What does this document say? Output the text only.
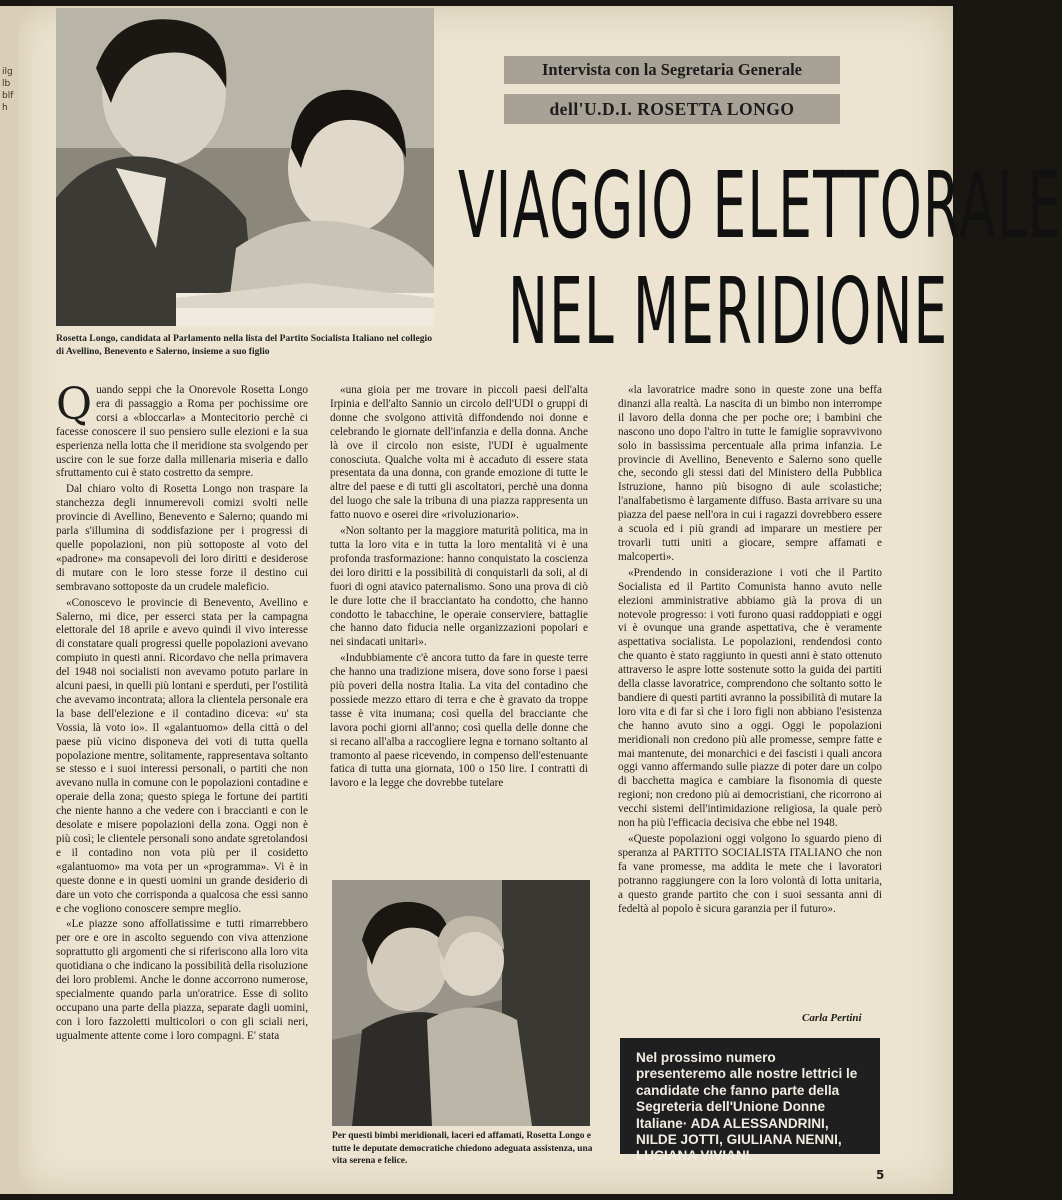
ilglbblfh
Rosetta Longo, candidata al Parlamento nella lista del Partito Socialista Italiano nel collegio di Avellino, Benevento e Salerno, insieme a suo figlio
Intervista con la Segretaria Generale
dell'U.D.I. ROSETTA LONGO
VIAGGIO ELETTORALE
NEL MERIDIONE

Quando seppi che la Onorevole Rosetta Longo era di passaggio a Roma per pochissime ore corsi a «bloccarla» a Montecitorio perchè ci facesse conoscere il suo pensiero sulle elezioni e la sua esperienza nella lotta che il meridione sta svolgendo per uscire con le sue forze dalla millenaria miseria e dallo sfruttamento cui è stato costretto da sempre.

Dal chiaro volto di Rosetta Longo non traspare la stanchezza degli innumerevoli comizi svolti nelle provincie di Avellino, Benevento e Salerno; quando mi parla s'illumina di soddisfazione per i progressi di quelle popolazioni, non più sottoposte al voto del «padrone» ma consapevoli dei loro diritti e desiderose di mutare con le loro stesse forze il destino cui sembravano sottoposte da un crudele maleficio.

«Conoscevo le provincie di Benevento, Avellino e Salerno, mi dice, per esserci stata per la campagna elettorale del 18 aprile e avevo quindi il vivo interesse di constatare quali progressi quelle popolazioni avevano compiuto in questi anni. Ricordavo che nella primavera del 1948 noi socialisti non avevamo potuto parlare in alcuni paesi, in quelli più lontani e sperduti, per l'ostilità che avevamo incontrata; allora la clientela personale era la base dell'elezione e il contadino diceva: «u' sta Vossia, là voto io». Il «galantuomo» della città o del paese più vicino disponeva dei voti di tutta quella popolazione mentre, solitamente, rappresentava soltanto se stesso e i suoi interessi personali, o partiti che non avevano nulla in comune con le popolazioni contadine e operaie della zona; questo spiega le fortune dei partiti che niente hanno a che vedere con i braccianti e con le desolate e misere popolazioni della zona. Oggi non è più così; le clientele personali sono andate sgretolandosi e il contadino non vota più per il cosidetto «galantuomo» ma vota per un «programma». Vi è in queste donne e in questi uomini un grande desiderio di dare un voto che corrisponda a qualcosa che essi sanno e che vogliono conoscere sempre meglio.

«Le piazze sono affollatissime e tutti rimarrebbero per ore e ore in ascolto seguendo con viva attenzione soprattutto gli argomenti che si riferiscono alla loro vita quotidiana o che indicano la possibilità della risoluzione dei loro problemi. Anche le donne accorrono numerose, specialmente quando parla un'oratrice. Esse di solito occupano una parte della piazza, separate dagli uomini, con i loro fazzoletti multicolori o con gli sciali neri, ugualmente attente come i loro compagni. E' stata

«una gioia per me trovare in piccoli paesi dell'alta Irpinia e dell'alto Sannio un circolo dell'UDI o gruppi di donne che svolgono attività diffondendo noi donne e celebrando le giornate dell'infanzia e della donna. Anche là ove il circolo non esiste, l'UDI è ugualmente conosciuta. Qualche volta mi è accaduto di essere stata presentata da una donna, con grande emozione di tutte le altre del paese e di tutti gli ascoltatori, perchè una donna del luogo che sale la tribuna di una piazza rappresenta un fatto nuovo e oserei dire «rivoluzionario».

«Non soltanto per la maggiore maturità politica, ma in tutta la loro vita e in tutta la loro mentalità vi è una profonda trasformazione: hanno conquistato la coscienza dei loro diritti e la possibilità di conquistarli da soli, al di fuori di ogni atavico paternalismo. Sono una prova di ciò le dure lotte che il bracciantato ha condotto, che hanno condotto le tabacchine, le operaie conserviere, battaglie che hanno dato fiducia nelle organizzazioni popolari e nei sindacati unitari».

«Indubbiamente c'è ancora tutto da fare in queste terre che hanno una tradizione misera, dove sono forse i paesi più poveri della nostra Italia. La vita del contadino che possiede mezzo ettaro di terra e che è gravato da troppe tasse è vita inumana; così quella del bracciante che lavora pochi giorni all'anno; così quella delle donne che si recano all'alba a raccogliere legna e tornano soltanto al tramonto al paese ricevendo, in compenso dell'estenuante fatica di tutta una giornata, 100 o 150 lire. I contratti di lavoro e la legge che dovrebbe tutelare

Per questi bimbi meridionali, laceri ed affamati, Rosetta Longo e tutte le deputate democratiche chiedono adeguata assistenza, una vita serena e felice.

«la lavoratrice madre sono in queste zone una beffa dinanzi alla realtà. La nascita di un bimbo non interrompe il lavoro della donna che per poche ore; i bambini che nascono uno dopo l'altro in tutte le famiglie sopravvivono solo in bassissima percentuale alla prima infanzia. Le provincie di Avellino, Benevento e Salerno sono quelle che, secondo gli stessi dati del Ministero della Pubblica Istruzione, hanno più bisogno di aule scolastiche; l'analfabetismo è largamente diffuso. Basta arrivare su una piazza del paese nell'ora in cui i ragazzi dovrebbero essere a scuola ed i più grandi ad imparare un mestiere per trovarli tutti uniti a giocare, sempre affamati e malcoperti».

«Prendendo in considerazione i voti che il Partito Socialista ed il Partito Comunista hanno avuto nelle elezioni amministrative abbiamo già la prova di un notevole progresso: i voti furono quasi raddoppiati e oggi vi è ovunque una grande aspettativa, che è veramente aspettativa socialista. Le popolazioni, rendendosi conto che quanto è stato raggiunto in questi anni è stato ottenuto attraverso le aspre lotte sostenute sotto la guida dei partiti della classe lavoratrice, comprendono che soltanto sotto le bandiere di questi partiti avranno la possibilità di mutare la loro vita e di far sì che i loro figli non abbiano l'esistenza che hanno avuto sino a oggi. Oggi le popolazioni meridionali non credono più alle promesse, sempre fatte e mai mantenute, dei monarchici e dei fascisti i quali ancora oggi vanno affermando sulle piazze di poter dare un colpo di bacchetta magica e cambiare la fisonomia di queste regioni; non credono più ai democristiani, che ricorrono ai vecchi sistemi dell'intimidazione religiosa, la quale però non ha più l'efficacia decisiva che ebbe nel 1948.

«Queste popolazioni oggi volgono lo sguardo pieno di speranza al PARTITO SOCIALISTA ITALIANO che non fa vane promesse, ma addita le mete che i lavoratori potranno raggiungere con la loro volontà di lotta unitaria, a questo grande partito che con i suoi sessanta anni di fedeltà al popolo è sicura garanzia per il futuro».

Carla Pertini
Nel prossimo numero presenteremo alle nostre lettrici le candidate che fanno parte della Segreteria dell'Unione Donne Italiane· ADA ALESSANDRINI, NILDE JOTTI, GIULIANA NENNI, LUCIANA VIVIANI.
5
